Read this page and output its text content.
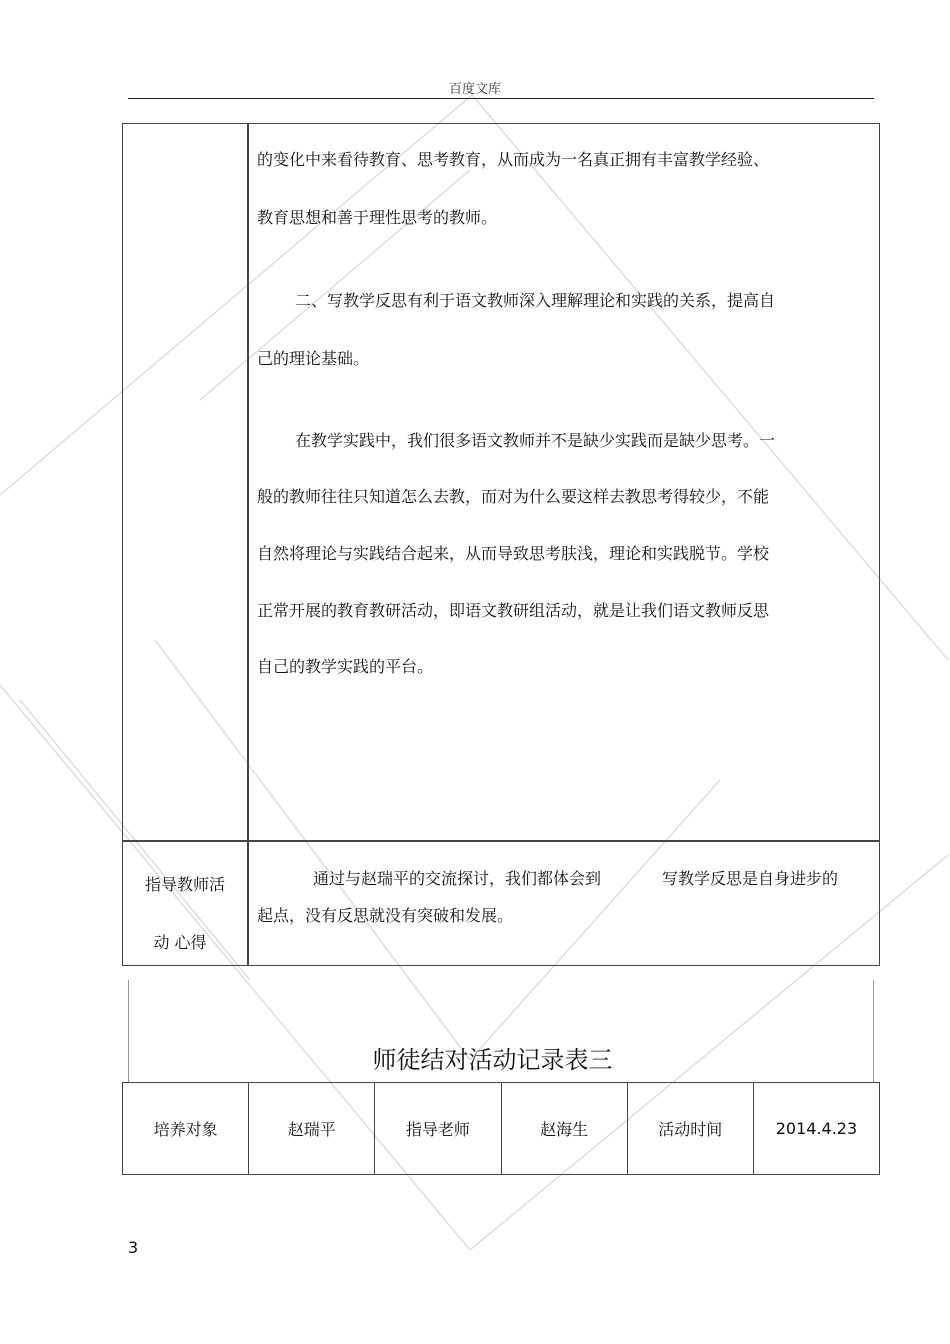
百度文库
的变化中来看待教育、思考教育，从而成为一名真正拥有丰富教学经验、
教育思想和善于理性思考的教师。
二、写教学反思有利于语文教师深入理解理论和实践的关系，提高自
己的理论基础。
在教学实践中，我们很多语文教师并不是缺少实践而是缺少思考。一
般的教师往往只知道怎么去教，而对为什么要这样去教思考得较少，不能
自然将理论与实践结合起来，从而导致思考肤浅，理论和实践脱节。学校
正常开展的教育教研活动，即语文教研组活动，就是让我们语文教师反思
自己的教学实践的平台。
指导教师活
动 心得
通过与赵瑞平的交流探讨，我们都体会到	写教学反思是自身进步的
起点，没有反思就没有突破和发展。
师徒结对活动记录表三
培养对象	赵瑞平	指导老师	赵海生	活动时间	2014.4.23
3
